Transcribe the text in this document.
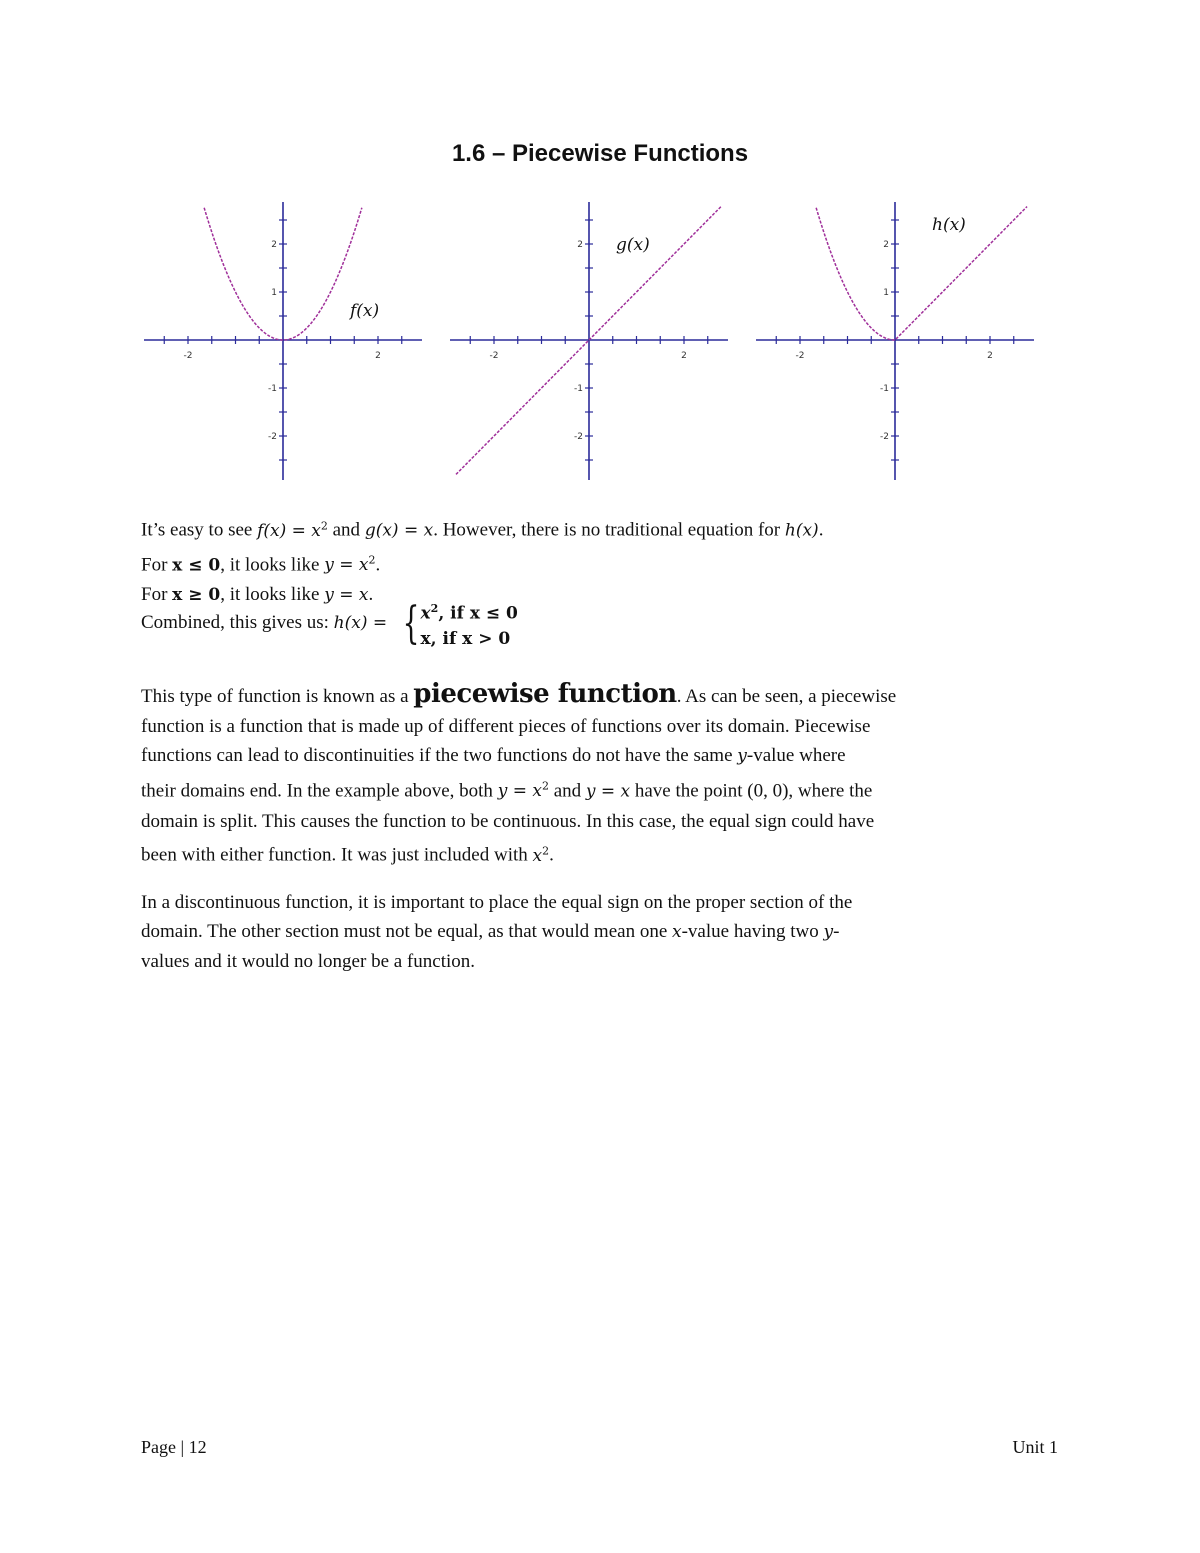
1.6 – Piecewise Functions
-2	2
2
1
-1
-2
f(x)
-2	2
2
-1
-2
g(x)
-2	2
2
1
-1
-2
h(x)

It’s easy to see $f(x) = x^2$ and g(x) = x. However, there is no traditional equation for h(x).

For x ≤ 0, it looks like $y = x^2$.

For x ≥ 0, it looks like y = x.

Combined, this gives us: h(x) = { $x^2$, if x ≤ 0
x, if x > 0

This type of function is known as a piecewise function. As can be seen, a piecewise

function is a function that is made up of different pieces of functions over its domain. Piecewise

functions can lead to discontinuities if the two functions do not have the same y-value where

their domains end. In the example above, both $y = x^2$ and y = x have the point (0, 0), where the

domain is split. This causes the function to be continuous. In this case, the equal sign could have

been with either function. It was just included with $x^2$.

In a discontinuous function, it is important to place the equal sign on the proper section of the

domain. The other section must not be equal, as that would mean one x-value having two y-

values and it would no longer be a function.

Page | 12	Unit 1
